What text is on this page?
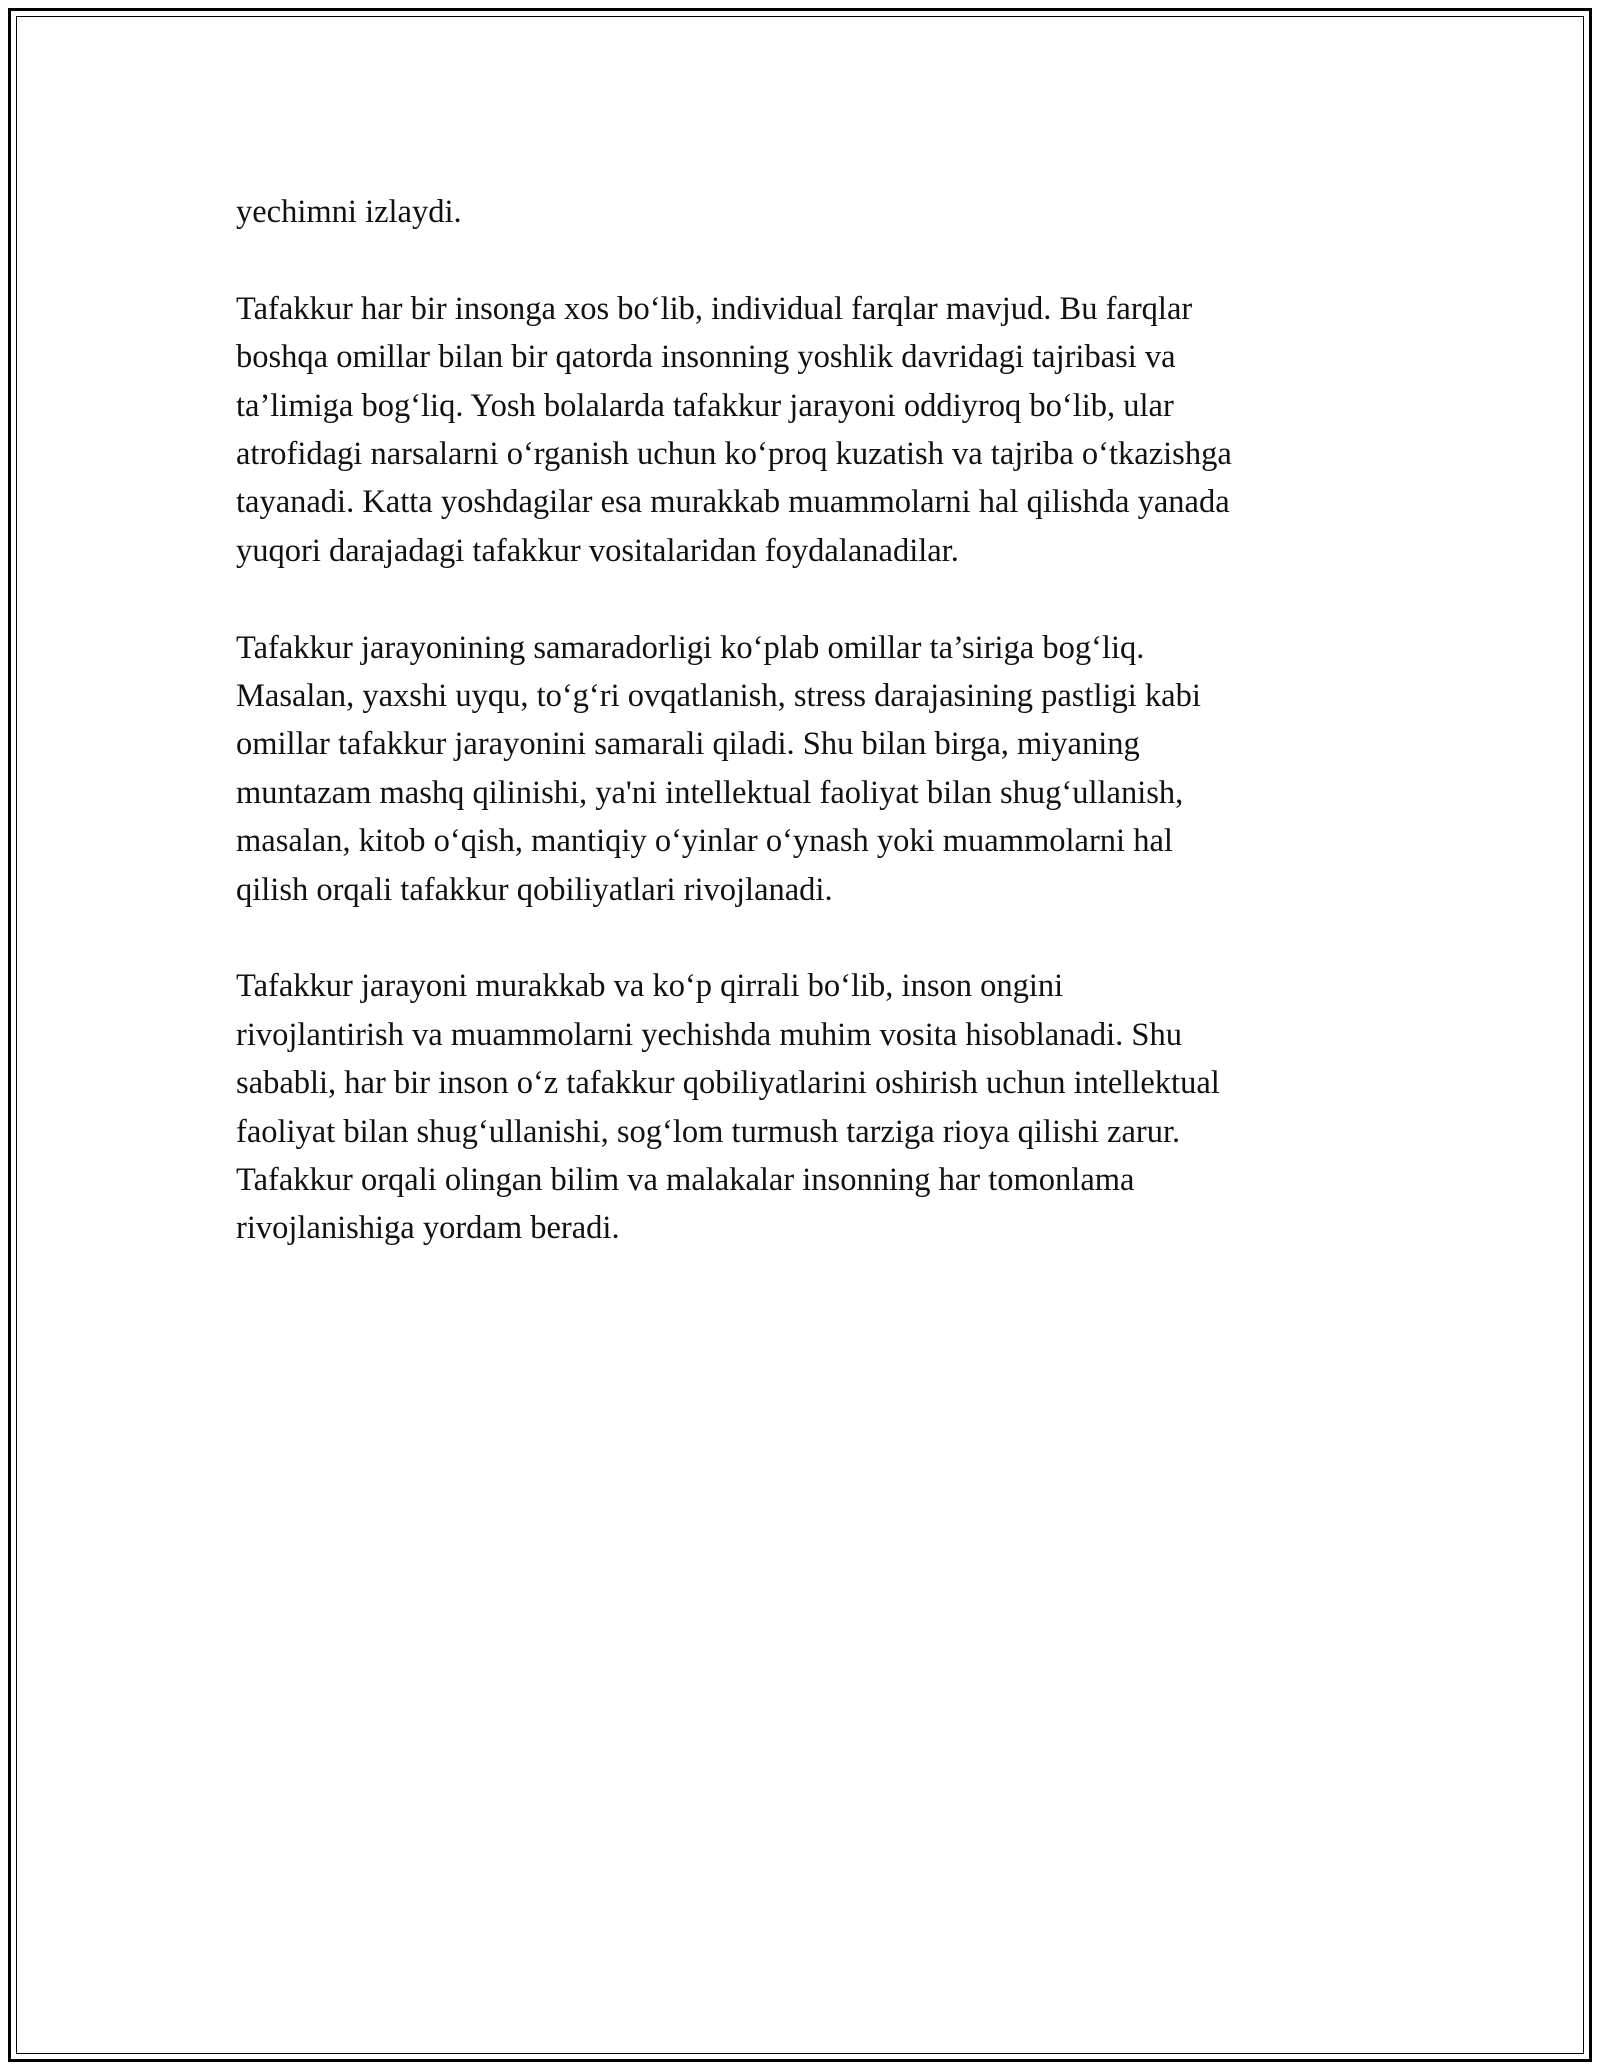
yechimni izlaydi.

Tafakkur har bir insonga xos bo‘lib, individual farqlar mavjud. Bu farqlar
boshqa omillar bilan bir qatorda insonning yoshlik davridagi tajribasi va
ta’limiga bog‘liq. Yosh bolalarda tafakkur jarayoni oddiyroq bo‘lib, ular
atrofidagi narsalarni o‘rganish uchun ko‘proq kuzatish va tajriba o‘tkazishga
tayanadi. Katta yoshdagilar esa murakkab muammolarni hal qilishda yanada
yuqori darajadagi tafakkur vositalaridan foydalanadilar.

Tafakkur jarayonining samaradorligi ko‘plab omillar ta’siriga bog‘liq.
Masalan, yaxshi uyqu, to‘g‘ri ovqatlanish, stress darajasining pastligi kabi
omillar tafakkur jarayonini samarali qiladi. Shu bilan birga, miyaning
muntazam mashq qilinishi, ya'ni intellektual faoliyat bilan shug‘ullanish,
masalan, kitob o‘qish, mantiqiy o‘yinlar o‘ynash yoki muammolarni hal
qilish orqali tafakkur qobiliyatlari rivojlanadi.

Tafakkur jarayoni murakkab va ko‘p qirrali bo‘lib, inson ongini
rivojlantirish va muammolarni yechishda muhim vosita hisoblanadi. Shu
sababli, har bir inson o‘z tafakkur qobiliyatlarini oshirish uchun intellektual
faoliyat bilan shug‘ullanishi, sog‘lom turmush tarziga rioya qilishi zarur.
Tafakkur orqali olingan bilim va malakalar insonning har tomonlama
rivojlanishiga yordam beradi.
